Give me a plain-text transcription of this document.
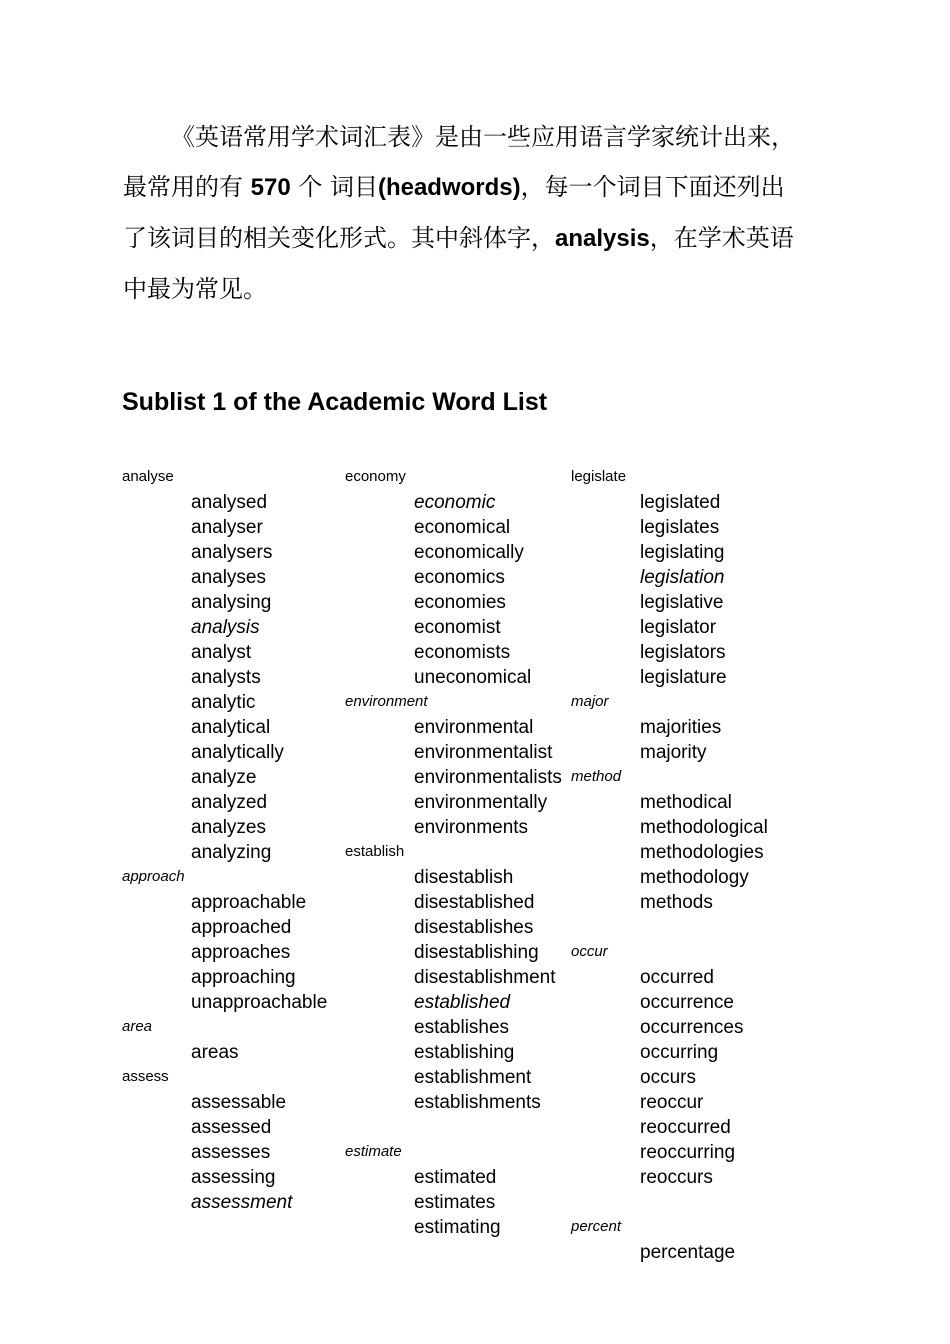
《英语常用学术词汇表》是由一些应用语言学家统计出来，
最常用的有 570 个 词目(headwords)，每一个词目下面还列出
了该词目的相关变化形式。其中斜体字，analysis，在学术英语
中最为常见。
Sublist 1 of the Academic Word List
analyse
analysed
analyser
analysers
analyses
analysing
analysis
analyst
analysts
analytic
analytical
analytically
analyze
analyzed
analyzes
analyzing
approach
approachable
approached
approaches
approaching
unapproachable
area
areas
assess
assessable
assessed
assesses
assessing
assessment
economy
economic
economical
economically
economics
economies
economist
economists
uneconomical
environment
environmental
environmentalist
environmentalists
environmentally
environments
establish
disestablish
disestablished
disestablishes
disestablishing
disestablishment
established
establishes
establishing
establishment
establishments
estimate
estimated
estimates
estimating
legislate
legislated
legislates
legislating
legislation
legislative
legislator
legislators
legislature
major
majorities
majority
method
methodical
methodological
methodologies
methodology
methods
occur
occurred
occurrence
occurrences
occurring
occurs
reoccur
reoccurred
reoccurring
reoccurs
percent
percentage
